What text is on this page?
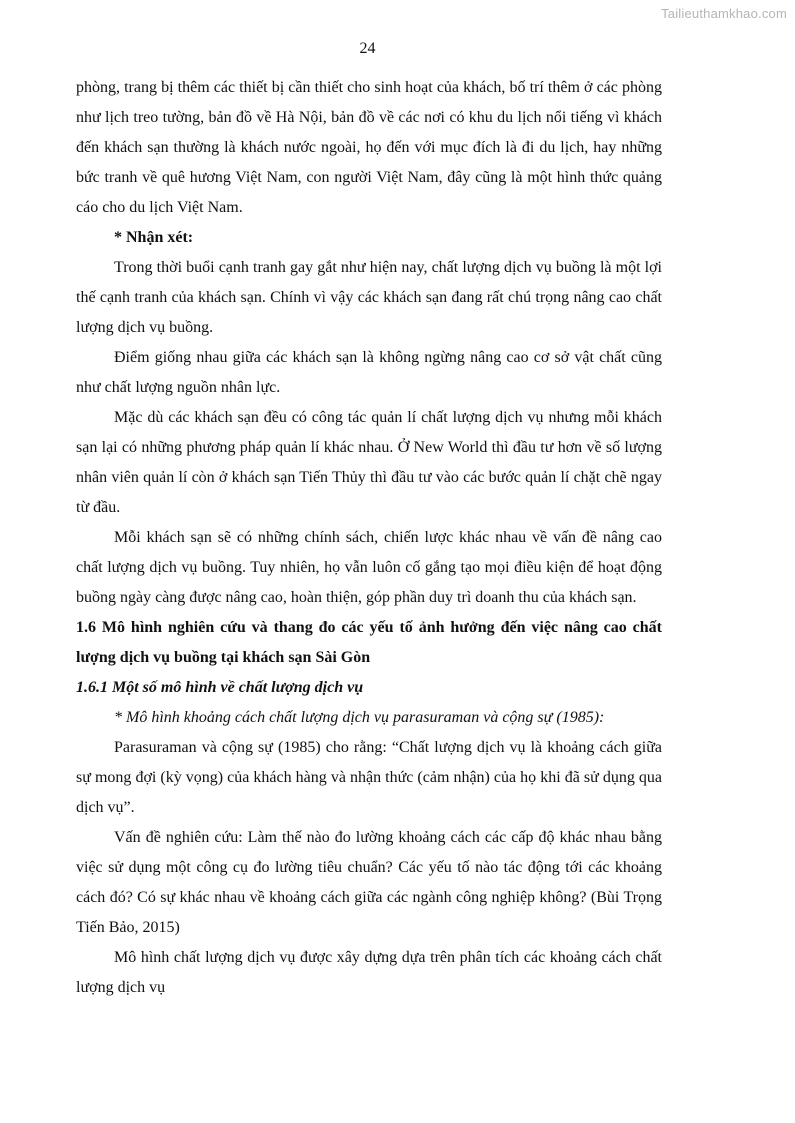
Tailieuthamkhao.com
24

phòng, trang bị thêm các thiết bị cần thiết cho sinh hoạt của khách, bố trí thêm ở các phòng như lịch treo tường, bản đồ về Hà Nội, bản đồ về các nơi có khu du lịch nổi tiếng vì khách đến khách sạn thường là khách nước ngoài, họ đến với mục đích là đi du lịch, hay những bức tranh về quê hương Việt Nam, con người Việt Nam, đây cũng là một hình thức quảng cáo cho du lịch Việt Nam.

* Nhận xét:

Trong thời buổi cạnh tranh gay gắt như hiện nay, chất lượng dịch vụ buồng là một lợi thế cạnh tranh của khách sạn. Chính vì vậy các khách sạn đang rất chú trọng nâng cao chất lượng dịch vụ buồng.

Điểm giống nhau giữa các khách sạn là không ngừng nâng cao cơ sở vật chất cũng như chất lượng nguồn nhân lực.

Mặc dù các khách sạn đều có công tác quản lí chất lượng dịch vụ nhưng mỗi khách sạn lại có những phương pháp quản lí khác nhau. Ở New World thì đầu tư hơn về số lượng nhân viên quản lí còn ở khách sạn Tiến Thủy thì đầu tư vào các bước quản lí chặt chẽ ngay từ đầu.

Mỗi khách sạn sẽ có những chính sách, chiến lược khác nhau về vấn đề nâng cao chất lượng dịch vụ buồng. Tuy nhiên, họ vẫn luôn cố gắng tạo mọi điều kiện để hoạt động buồng ngày càng được nâng cao, hoàn thiện, góp phần duy trì doanh thu của khách sạn.

1.6 Mô hình nghiên cứu và thang đo các yếu tố ảnh hưởng đến việc nâng cao chất lượng dịch vụ buồng tại khách sạn Sài Gòn

1.6.1 Một số mô hình về chất lượng dịch vụ

* Mô hình khoảng cách chất lượng dịch vụ parasuraman và cộng sự (1985):

Parasuraman và cộng sự (1985) cho rằng: “Chất lượng dịch vụ là khoảng cách giữa sự mong đợi (kỳ vọng) của khách hàng và nhận thức (cảm nhận) của họ khi đã sử dụng qua dịch vụ”.

Vấn đề nghiên cứu: Làm thế nào đo lường khoảng cách các cấp độ khác nhau bằng việc sử dụng một công cụ đo lường tiêu chuẩn? Các yếu tố nào tác động tới các khoảng cách đó? Có sự khác nhau về khoảng cách giữa các ngành công nghiệp không? (Bùi Trọng Tiến Bảo, 2015)

Mô hình chất lượng dịch vụ được xây dựng dựa trên phân tích các khoảng cách chất lượng dịch vụ
